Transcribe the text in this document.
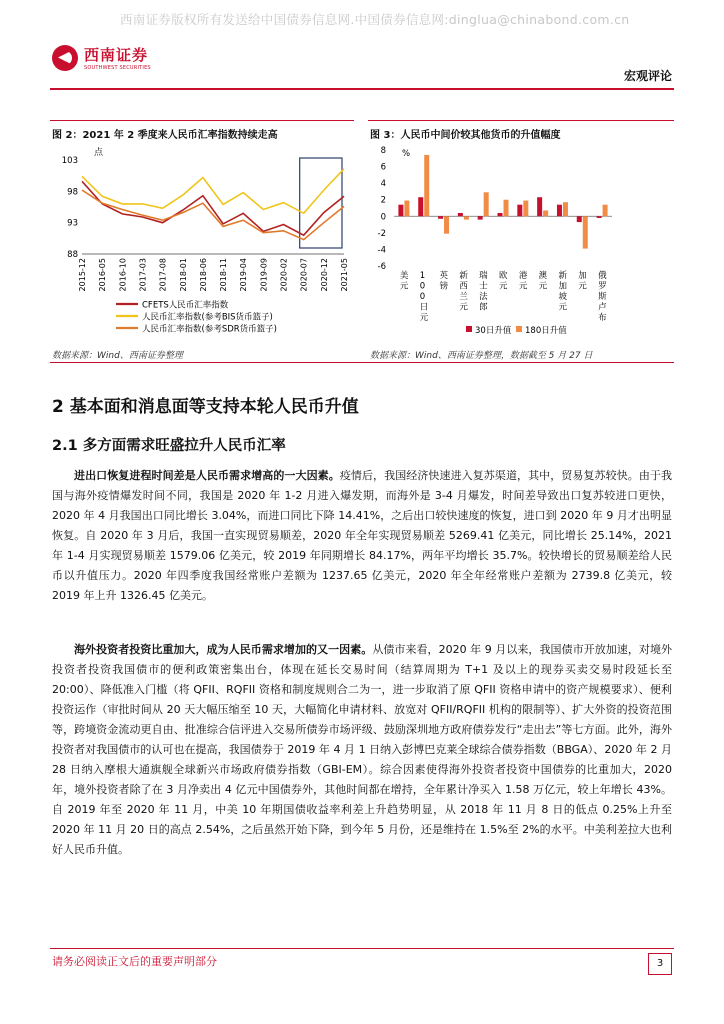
西南证券版权所有发送给中国债券信息网.中国债券信息网:dinglua@chinabond.com.cn
西南证券
SOUTHWEST SECURITIES
宏观评论
图 2：2021 年 2 季度来人民币汇率指数持续走高
点
103
98
93
88
2015-12 2016-05 2016-10 2017-03 2017-08 2018-01 2018-06 2018-11 2019-04 2019-09 2020-02 2020-07 2020-12 2021-05
CFETS人民币汇率指数
人民币汇率指数(参考BIS货币篮子)
人民币汇率指数(参考SDR货币篮子)
数据来源：Wind、西南证券整理
图 3：人民币中间价较其他货币的升值幅度
%
8
6
4
2
0
-2
-4
-6
美元
1 0 0 日元
英镑
新西兰元
瑞士法郎
欧元
港元
澳元
新加坡元
加元
俄罗斯卢布
30日升值 180日升值
数据来源：Wind、西南证券整理，数据截至 5 月 27 日
2 基本面和消息面等支持本轮人民币升值
2.1 多方面需求旺盛拉升人民币汇率
进出口恢复进程时间差是人民币需求增高的一大因素。疫情后，我国经济快速进入复苏渠道，其中，贸易复苏较快。由于我国与海外疫情爆发时间不同，我国是 2020 年 1-2 月进入爆发期，而海外是 3-4 月爆发，时间差导致出口复苏较进口更快，2020 年 4 月我国出口同比增长 3.04%，而进口同比下降 14.41%，之后出口较快速度的恢复，进口到 2020 年 9 月才出明显恢复。自 2020 年 3 月后，我国一直实现贸易顺差，2020 年全年实现贸易顺差 5269.41 亿美元，同比增长 25.14%，2021 年 1-4 月实现贸易顺差 1579.06 亿美元，较 2019 年同期增长 84.17%，两年平均增长 35.7%。较快增长的贸易顺差给人民币以升值压力。2020 年四季度我国经常账户差额为 1237.65 亿美元，2020 年全年经常账户差额为 2739.8 亿美元，较 2019 年上升 1326.45 亿美元。
海外投资者投资比重加大，成为人民币需求增加的又一因素。从债市来看，2020 年 9 月以来，我国债市开放加速，对境外投资者投资我国债市的便利政策密集出台，体现在延长交易时间（结算周期为 T+1 及以上的现券买卖交易时段延长至 20:00）、降低准入门槛（将 QFII、RQFII 资格和制度规则合二为一，进一步取消了原 QFII 资格申请中的资产规模要求）、便利投资运作（审批时间从 20 天大幅压缩至 10 天，大幅简化申请材料、放宽对 QFII/RQFII 机构的限制等）、扩大外资的投资范围等，跨境资金流动更自由、批准综合信评进入交易所债券市场评级、鼓励深圳地方政府债券发行“走出去”等七方面。此外，海外投资者对我国债市的认可也在提高，我国债券于 2019 年 4 月 1 日纳入彭博巴克莱全球综合债券指数（BBGA）、2020 年 2 月 28 日纳入摩根大通旗舰全球新兴市场政府债券指数（GBI-EM）。综合因素使得海外投资者投资中国债券的比重加大，2020 年，境外投资者除了在 3 月净卖出 4 亿元中国债券外，其他时间都在增持，全年累计净买入 1.58 万亿元，较上年增长 43%。自 2019 年至 2020 年 11 月，中美 10 年期国债收益率利差上升趋势明显，从 2018 年 11 月 8 日的低点 0.25%上升至 2020 年 11 月 20 日的高点 2.54%，之后虽然开始下降，到今年 5 月份，还是维持在 1.5%至 2%的水平。中美利差拉大也利好人民币升值。
请务必阅读正文后的重要声明部分	3
